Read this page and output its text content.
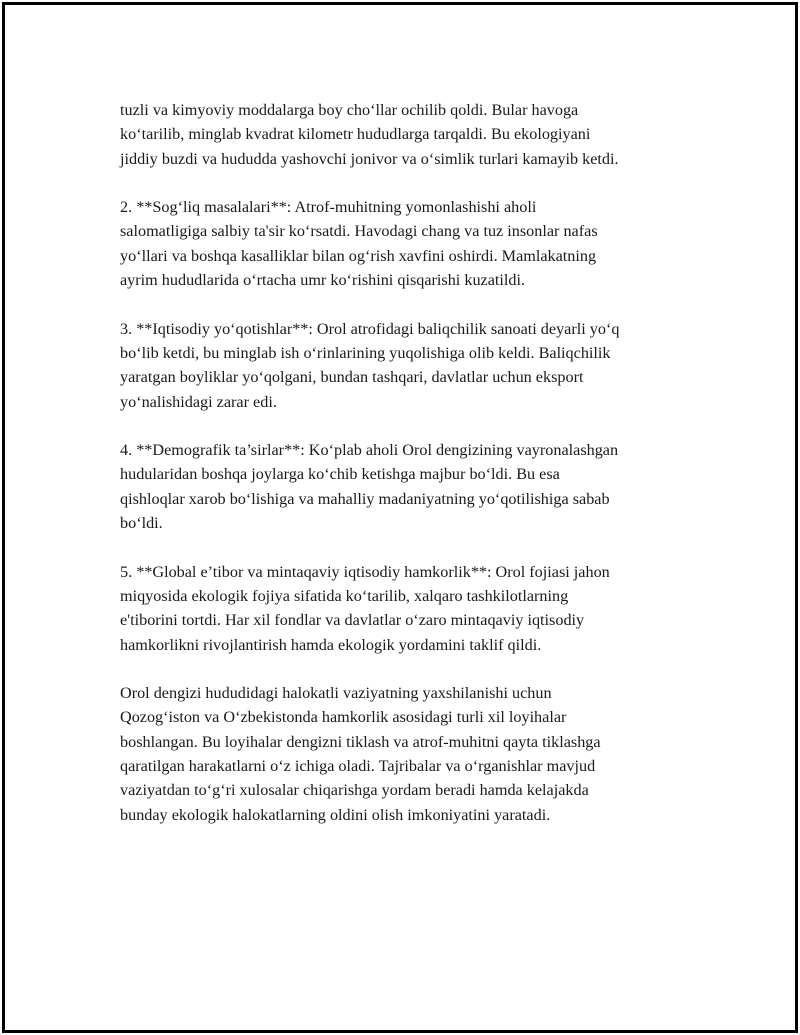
tuzli va kimyoviy moddalarga boy cho‘llar ochilib qoldi. Bular havoga
ko‘tarilib, minglab kvadrat kilometr hududlarga tarqaldi. Bu ekologiyani
jiddiy buzdi va hududda yashovchi jonivor va o‘simlik turlari kamayib ketdi.

2. **Sog‘liq masalalari**: Atrof-muhitning yomonlashishi aholi
salomatligiga salbiy ta'sir ko‘rsatdi. Havodagi chang va tuz insonlar nafas
yo‘llari va boshqa kasalliklar bilan og‘rish xavfini oshirdi. Mamlakatning
ayrim hududlarida o‘rtacha umr ko‘rishini qisqarishi kuzatildi.

3. **Iqtisodiy yo‘qotishlar**: Orol atrofidagi baliqchilik sanoati deyarli yo‘q
bo‘lib ketdi, bu minglab ish o‘rinlarining yuqolishiga olib keldi. Baliqchilik
yaratgan boyliklar yo‘qolgani, bundan tashqari, davlatlar uchun eksport
yo‘nalishidagi zarar edi.

4. **Demografik ta’sirlar**: Ko‘plab aholi Orol dengizining vayronalashgan
hudularidan boshqa joylarga ko‘chib ketishga majbur bo‘ldi. Bu esa
qishloqlar xarob bo‘lishiga va mahalliy madaniyatning yo‘qotilishiga sabab
bo‘ldi.

5. **Global e’tibor va mintaqaviy iqtisodiy hamkorlik**: Orol fojiasi jahon
miqyosida ekologik fojiya sifatida ko‘tarilib, xalqaro tashkilotlarning
e'tiborini tortdi. Har xil fondlar va davlatlar o‘zaro mintaqaviy iqtisodiy
hamkorlikni rivojlantirish hamda ekologik yordamini taklif qildi.

Orol dengizi hududidagi halokatli vaziyatning yaxshilanishi uchun
Qozog‘iston va O‘zbekistonda hamkorlik asosidagi turli xil loyihalar
boshlangan. Bu loyihalar dengizni tiklash va atrof-muhitni qayta tiklashga
qaratilgan harakatlarni o‘z ichiga oladi. Tajribalar va o‘rganishlar mavjud
vaziyatdan to‘g‘ri xulosalar chiqarishga yordam beradi hamda kelajakda
bunday ekologik halokatlarning oldini olish imkoniyatini yaratadi.
